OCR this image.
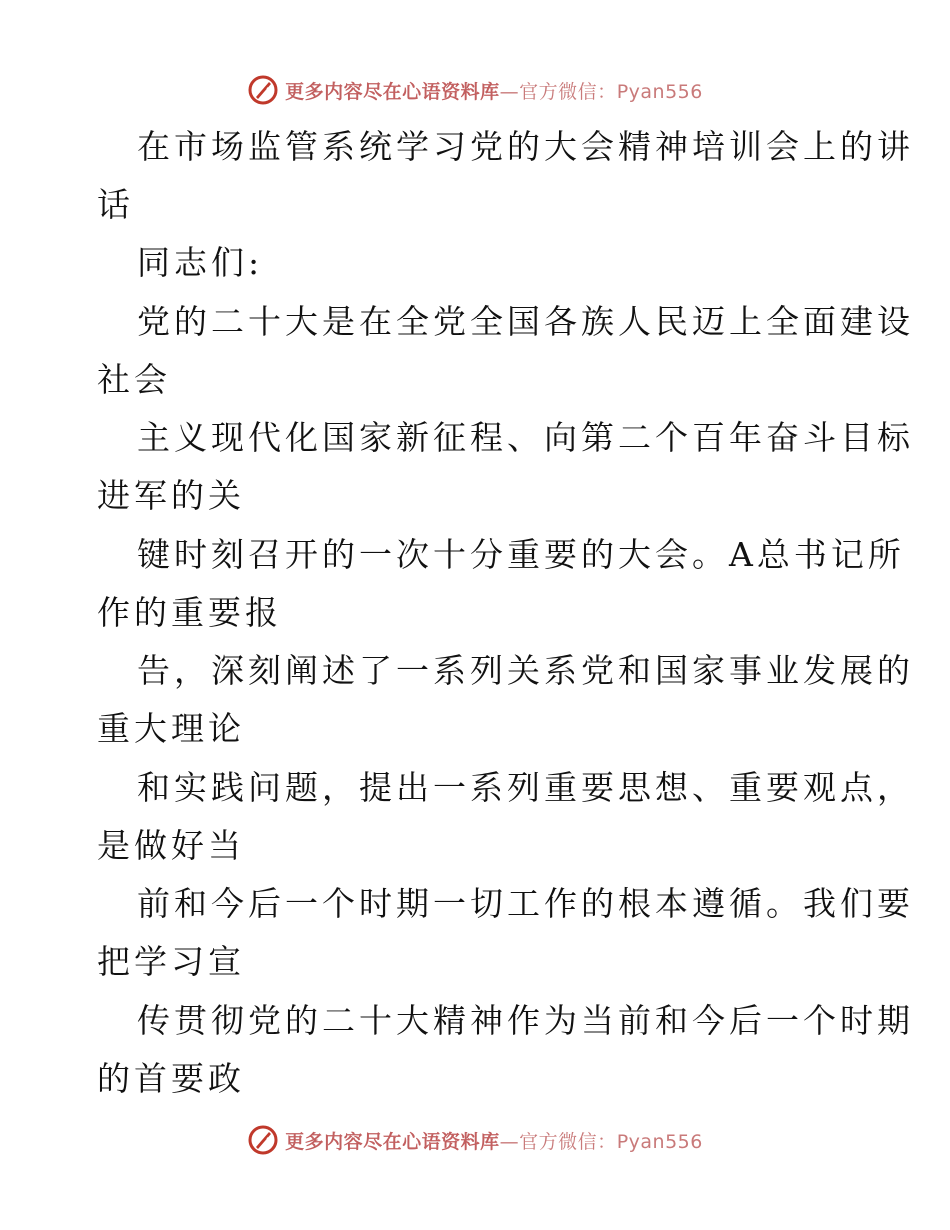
更多内容尽在心语资料库—官方微信：Pyan556
在市场监管系统学习党的大会精神培训会上的讲
话
同志们:
党的二十大是在全党全国各族人民迈上全面建设
社会
主义现代化国家新征程、向第二个百年奋斗目标
进军的关
键时刻召开的一次十分重要的大会。A总书记所
作的重要报
告，深刻阐述了一系列关系党和国家事业发展的
重大理论
和实践问题，提出一系列重要思想、重要观点，
是做好当
前和今后一个时期一切工作的根本遵循。我们要
把学习宣
传贯彻党的二十大精神作为当前和今后一个时期
的首要政
更多内容尽在心语资料库—官方微信：Pyan556
